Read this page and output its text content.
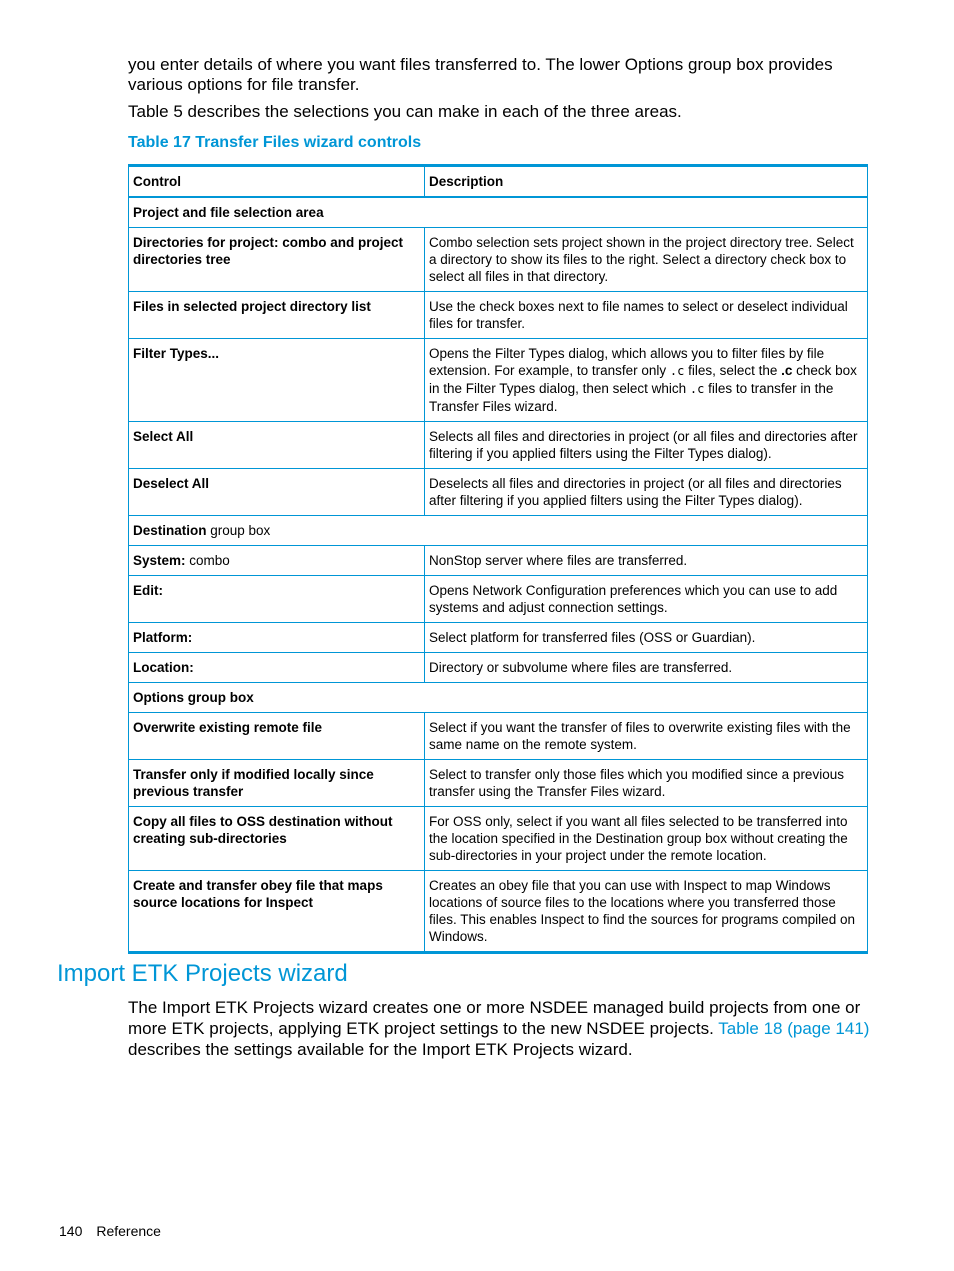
you enter details of where you want files transferred to. The lower Options group box provides various options for file transfer.

Table 5 describes the selections you can make in each of the three areas.

Table 17 Transfer Files wizard controls
Control	Description
Project and file selection area	
Directories for project: combo and project directories tree	Combo selection sets project shown in the project directory tree. Select a directory to show its files to the right. Select a directory check box to select all files in that directory.
Files in selected project directory list	Use the check boxes next to file names to select or deselect individual files for transfer.
Filter Types...	Opens the Filter Types dialog, which allows you to filter files by file extension. For example, to transfer only .c files, select the .c check box in the Filter Types dialog, then select which .c files to transfer in the Transfer Files wizard.
Select All	Selects all files and directories in project (or all files and directories after filtering if you applied filters using the Filter Types dialog).
Deselect All	Deselects all files and directories in project (or all files and directories after filtering if you applied filters using the Filter Types dialog).
Destination group box	
System: combo	NonStop server where files are transferred.
Edit:	Opens Network Configuration preferences which you can use to add systems and adjust connection settings.
Platform:	Select platform for transferred files (OSS or Guardian).
Location:	Directory or subvolume where files are transferred.
Options group box	
Overwrite existing remote file	Select if you want the transfer of files to overwrite existing files with the same name on the remote system.
Transfer only if modified locally since previous transfer	Select to transfer only those files which you modified since a previous transfer using the Transfer Files wizard.
Copy all files to OSS destination without creating sub-directories	For OSS only, select if you want all files selected to be transferred into the location specified in the Destination group box without creating the sub-directories in your project under the remote location.
Create and transfer obey file that maps source locations for Inspect	Creates an obey file that you can use with Inspect to map Windows locations of source files to the locations where you transferred those files. This enables Inspect to find the sources for programs compiled on Windows.
Import ETK Projects wizard

The Import ETK Projects wizard creates one or more NSDEE managed build projects from one or more ETK projects, applying ETK project settings to the new NSDEE projects. Table 18 (page 141) describes the settings available for the Import ETK Projects wizard.

140 Reference
